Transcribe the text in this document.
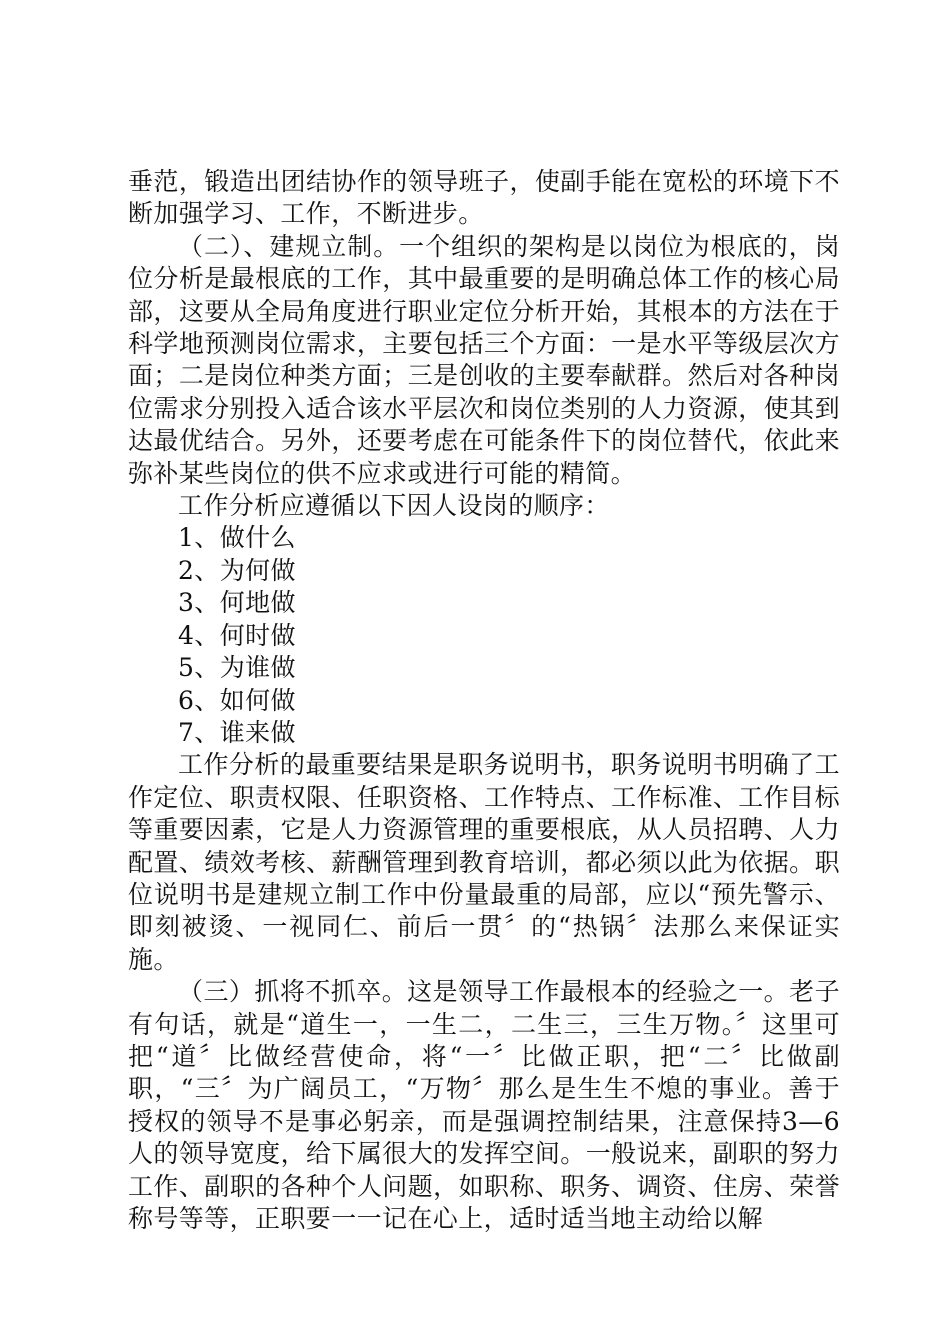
垂范，锻造出团结协作的领导班子，使副手能在宽松的环境下不断加强学习、工作，不断进步。

（二）、建规立制。一个组织的架构是以岗位为根底的，岗位分析是最根底的工作，其中最重要的是明确总体工作的核心局部，这要从全局角度进行职业定位分析开始，其根本的方法在于科学地预测岗位需求，主要包括三个方面：一是水平等级层次方面；二是岗位种类方面；三是创收的主要奉献群。然后对各种岗位需求分别投入适合该水平层次和岗位类别的人力资源，使其到达最优结合。另外，还要考虑在可能条件下的岗位替代，依此来弥补某些岗位的供不应求或进行可能的精简。

工作分析应遵循以下因人设岗的顺序：

1、做什么

2、为何做

3、何地做

4、何时做

5、为谁做

6、如何做

7、谁来做

工作分析的最重要结果是职务说明书，职务说明书明确了工作定位、职责权限、任职资格、工作特点、工作标准、工作目标等重要因素，它是人力资源管理的重要根底，从人员招聘、人力配置、绩效考核、薪酬管理到教育培训，都必须以此为依据。职位说明书是建规立制工作中份量最重的局部，应以“预先警示、即刻被烫、一视同仁、前后一贯〞的“热锅〞法那么来保证实施。

（三）抓将不抓卒。这是领导工作最根本的经验之一。老子有句话，就是“道生一，一生二，二生三，三生万物。〞这里可把“道〞比做经营使命，将“一〞比做正职，把“二〞比做副职，“三〞为广阔员工，“万物〞那么是生生不熄的事业。善于授权的领导不是事必躬亲，而是强调控制结果，注意保持3—6人的领导宽度，给下属很大的发挥空间。一般说来，副职的努力工作、副职的各种个人问题，如职称、职务、调资、住房、荣誉称号等等，正职要一一记在心上，适时适当地主动给以解
